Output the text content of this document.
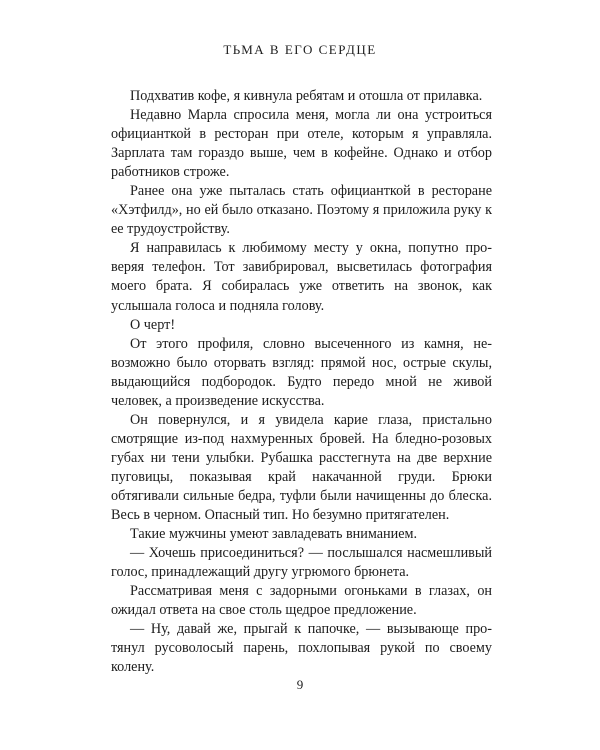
ТЬМА В ЕГО СЕРДЦЕ

Подхватив кофе, я кивнула ребятам и отошла от прилавка.

Недавно Марла спросила меня, могла ли она устроиться официанткой в ресторан при отеле, которым я управляла. Зарплата там гораздо выше, чем в кофейне. Однако и отбор работников строже.

Ранее она уже пыталась стать официанткой в ресторане «Хэтфилд», но ей было отказано. Поэтому я приложила руку к ее трудоустройству.

Я направилась к любимому месту у окна, попутно проверяя телефон. Тот завибрировал, высветилась фотография моего брата. Я собиралась уже ответить на звонок, как услышала голоса и подняла голову.

О черт!

От этого профиля, словно высеченного из камня, невозможно было оторвать взгляд: прямой нос, острые скулы, выдающийся подбородок. Будто передо мной не живой человек, а произведение искусства.

Он повернулся, и я увидела карие глаза, пристально смотрящие из-под нахмуренных бровей. На бледно-розовых губах ни тени улыбки. Рубашка расстегнута на две верхние пуговицы, показывая край накачанной груди. Брюки обтягивали сильные бедра, туфли были начищенны до блеска. Весь в черном. Опасный тип. Но безумно притягателен.

Такие мужчины умеют завладевать вниманием.

— Хочешь присоединиться? — послышался насмешливый голос, принадлежащий другу угрюмого брюнета.

Рассматривая меня с задорными огоньками в глазах, он ожидал ответа на свое столь щедрое предложение.

— Ну, давай же, прыгай к папочке, — вызывающе протянул русоволосый парень, похлопывая рукой по своему колену.

9
